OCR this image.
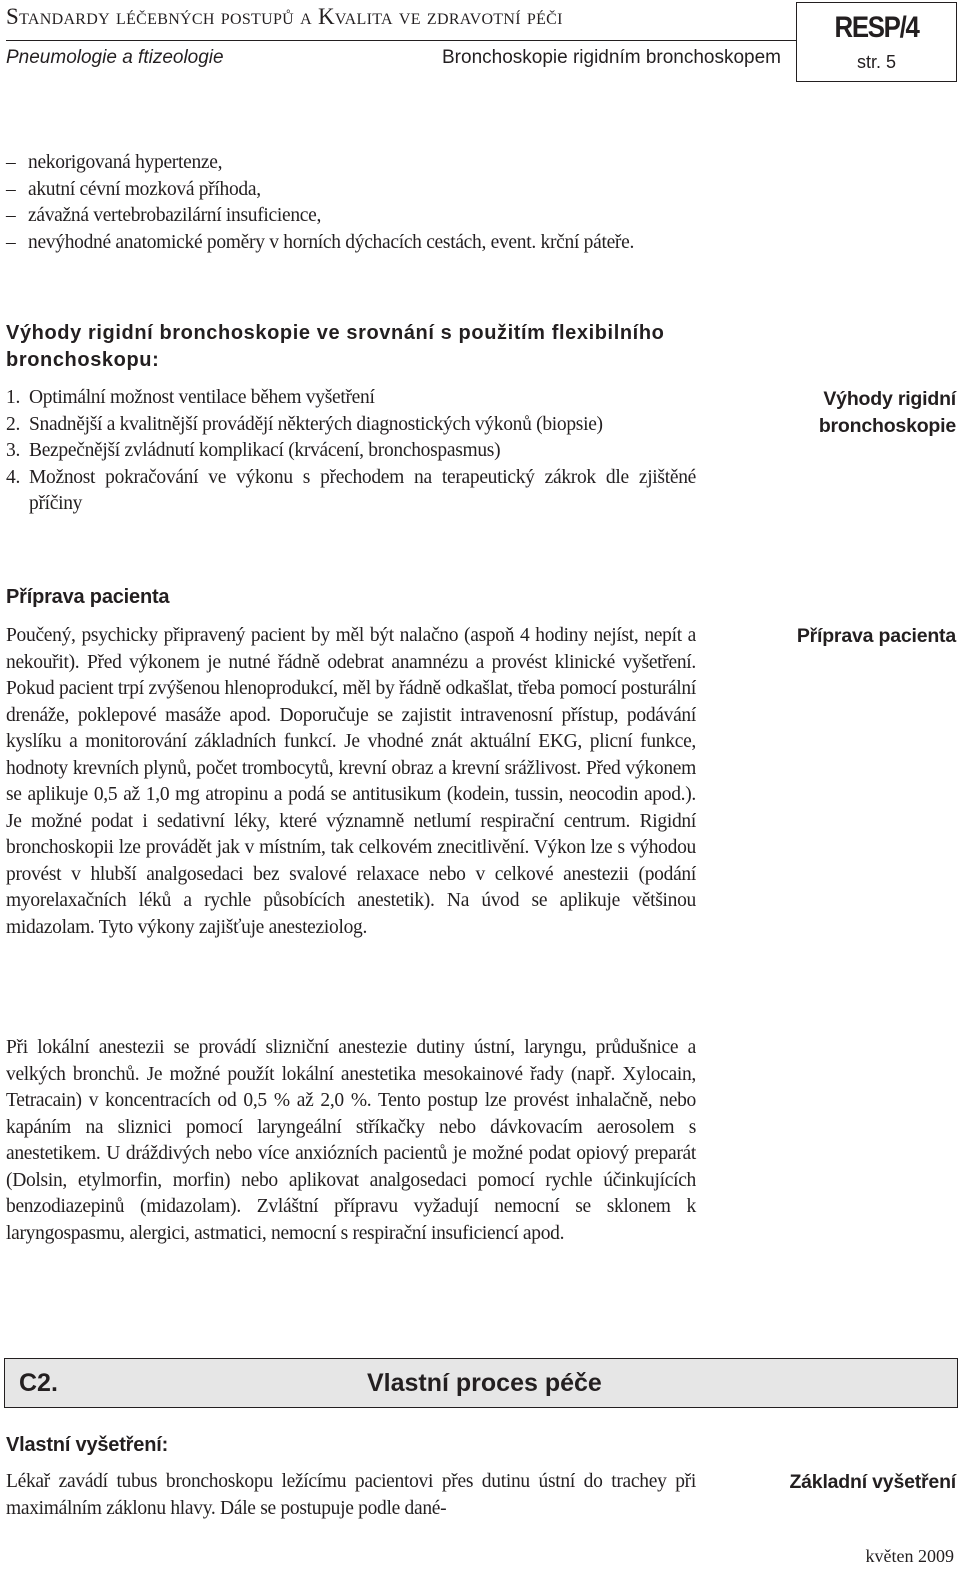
Standardy léčebných postupů a Kvalita ve zdravotní péči
Pneumologie a ftizeologie	Bronchoskopie rigidním bronchoskopem
RESP/4
str. 5
– nekorigovaná hypertenze,
– akutní cévní mozková příhoda,
– závažná vertebrobazilární insuficience,
– nevýhodné anatomické poměry v horních dýchacích cestách, event. krční páteře.
Výhody rigidní bronchoskopie ve srovnání s použitím flexibilního bronchoskopu:
Výhody rigidní bronchoskopie
1. Optimální možnost ventilace během vyšetření
2. Snadnější a kvalitnější provádějí některých diagnostických výkonů (biopsie)
3. Bezpečnější zvládnutí komplikací (krvácení, bronchospasmus)
4. Možnost pokračování ve výkonu s přechodem na terapeutický zákrok dle zjištěné příčiny
Příprava pacienta
Příprava pacienta
Poučený, psychicky připravený pacient by měl být nalačno (aspoň 4 hodiny nejíst, nepít a nekouřit). Před výkonem je nutné řádně odebrat anamnézu a provést klinické vyšetření. Pokud pacient trpí zvýšenou hlenoprodukcí, měl by řádně odkašlat, třeba pomocí posturální drenáže, poklepové masáže apod. Doporučuje se zajistit intravenosní přístup, podávání kyslíku a monitorování základních funkcí. Je vhodné znát aktuální EKG, plicní funkce, hodnoty krevních plynů, počet trombocytů, krevní obraz a krevní srážlivost. Před výkonem se aplikuje 0,5 až 1,0 mg atropinu a podá se antitusikum (kodein, tussin, neocodin apod.). Je možné podat i sedativní léky, které významně netlumí respirační centrum. Rigidní bronchoskopii lze provádět jak v místním, tak celkovém znecitlivění. Výkon lze s výhodou provést v hlubší analgosedaci bez svalové relaxace nebo v celkové anestezii (podání myorelaxačních léků a rychle působících anestetik). Na úvod se aplikuje většinou midazolam. Tyto výkony zajišťuje anesteziolog.
Při lokální anestezii se provádí slizniční anestezie dutiny ústní, laryngu, průdušnice a velkých bronchů. Je možné použít lokální anestetika mesokainové řady (např. Xylocain, Tetracain) v koncentracích od 0,5 % až 2,0 %. Tento postup lze provést inhalačně, nebo kapáním na sliznici pomocí laryngeální stříkačky nebo dávkovacím aerosolem s anestetikem. U dráždivých nebo více anxiózních pacientů je možné podat opiový preparát (Dolsin, etylmorfin, morfin) nebo aplikovat analgosedaci pomocí rychle účinkujících benzodiazepinů (midazolam). Zvláštní přípravu vyžadují nemocní se sklonem k laryngospasmu, alergici, astmatici, nemocní s respirační insuficiencí apod.
C2.	Vlastní proces péče
Vlastní vyšetření:
Základní vyšetření
Lékař zavádí tubus bronchoskopu ležícímu pacientovi přes dutinu ústní do trachey při maximálním záklonu hlavy. Dále se postupuje podle dané-
květen 2009
